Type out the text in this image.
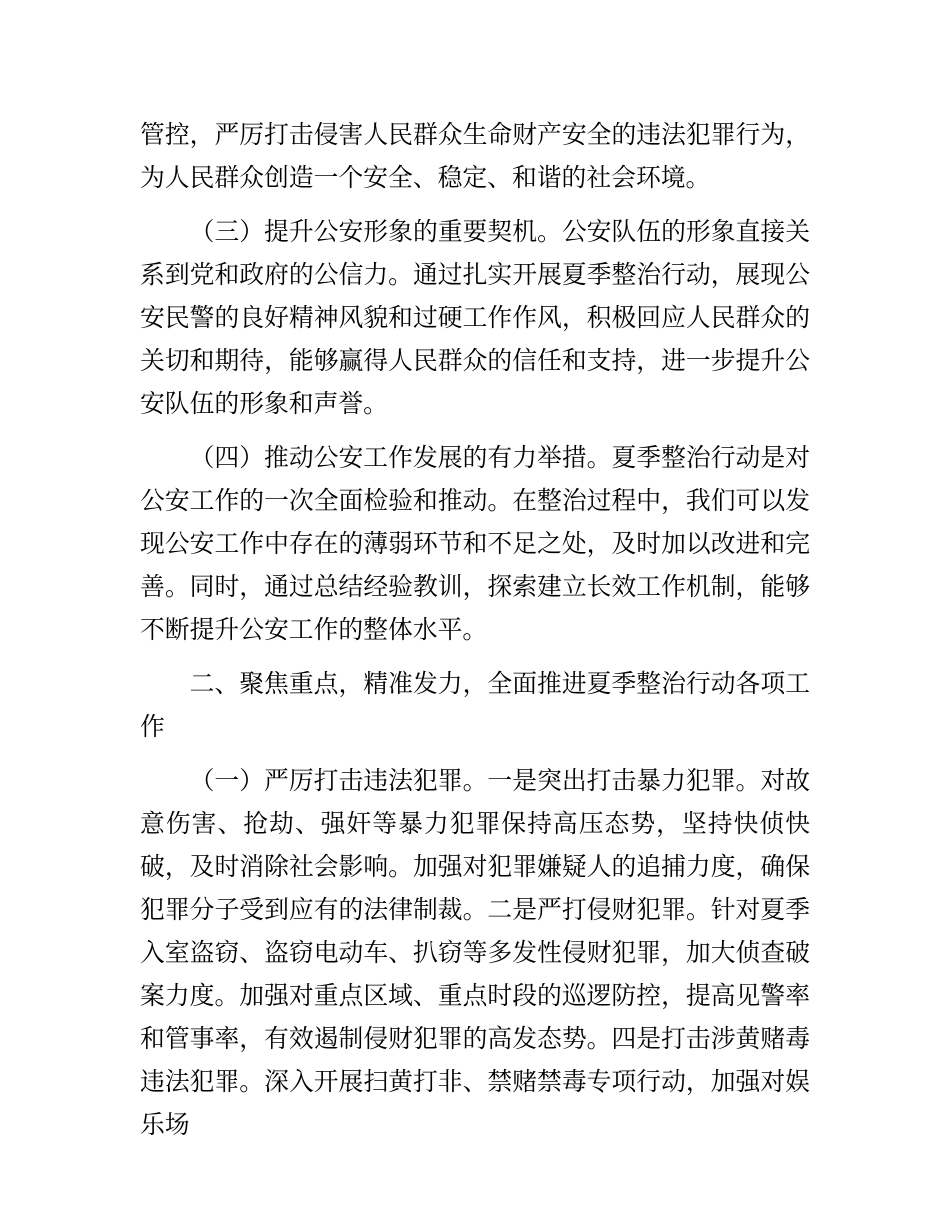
管控，严厉打击侵害人民群众生命财产安全的违法犯罪行为，为人民群众创造一个安全、稳定、和谐的社会环境。

（三）提升公安形象的重要契机。公安队伍的形象直接关系到党和政府的公信力。通过扎实开展夏季整治行动，展现公安民警的良好精神风貌和过硬工作作风，积极回应人民群众的关切和期待，能够赢得人民群众的信任和支持，进一步提升公安队伍的形象和声誉。

（四）推动公安工作发展的有力举措。夏季整治行动是对公安工作的一次全面检验和推动。在整治过程中，我们可以发现公安工作中存在的薄弱环节和不足之处，及时加以改进和完善。同时，通过总结经验教训，探索建立长效工作机制，能够不断提升公安工作的整体水平。

二、聚焦重点，精准发力，全面推进夏季整治行动各项工作

（一）严厉打击违法犯罪。一是突出打击暴力犯罪。对故意伤害、抢劫、强奸等暴力犯罪保持高压态势，坚持快侦快破，及时消除社会影响。加强对犯罪嫌疑人的追捕力度，确保犯罪分子受到应有的法律制裁。二是严打侵财犯罪。针对夏季入室盗窃、盗窃电动车、扒窃等多发性侵财犯罪，加大侦查破案力度。加强对重点区域、重点时段的巡逻防控，提高见警率和管事率，有效遏制侵财犯罪的高发态势。四是打击涉黄赌毒违法犯罪。深入开展扫黄打非、禁赌禁毒专项行动，加强对娱乐场
